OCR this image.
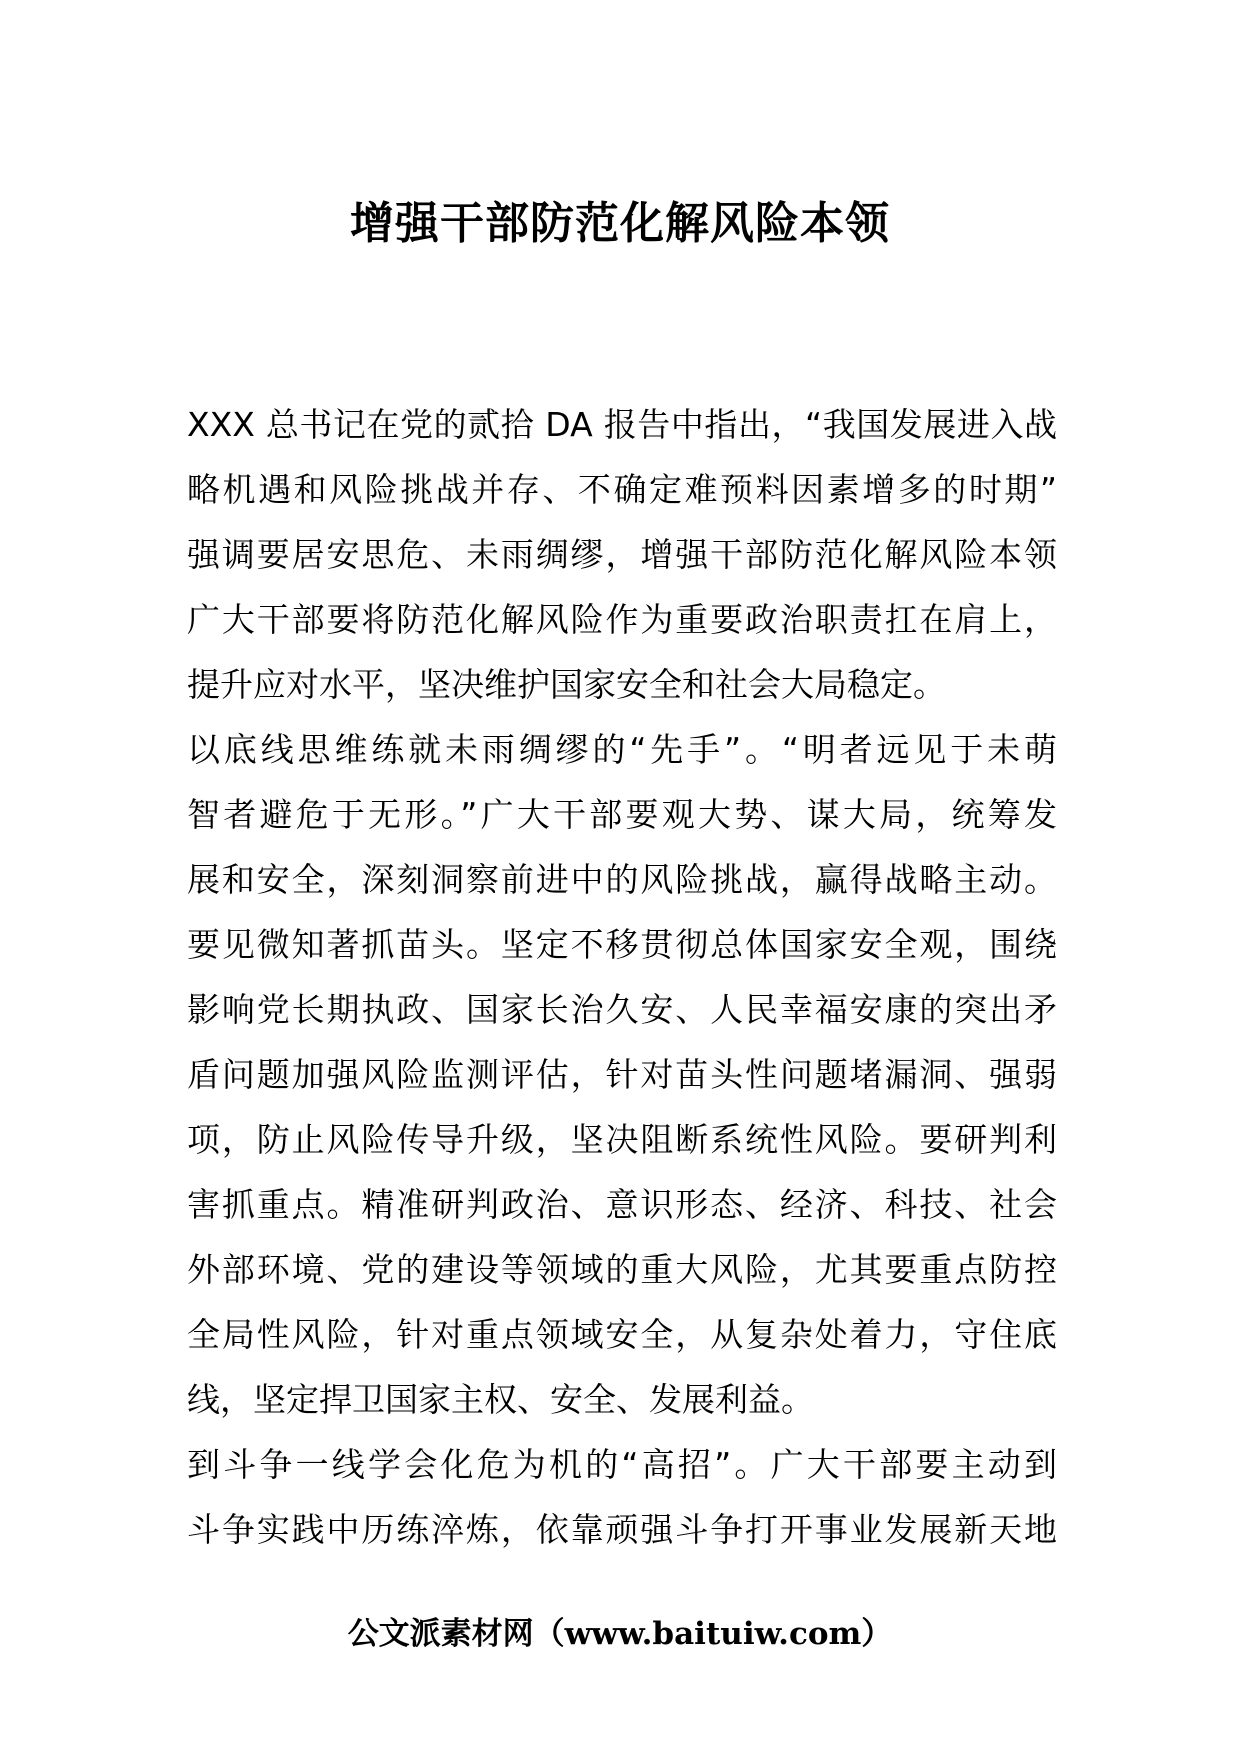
增强干部防范化解风险本领
XXX 总书记在党的贰拾 DA 报告中指出，“我国发展进入战
略机遇和风险挑战并存、不确定难预料因素增多的时期”
强调要居安思危、未雨绸缪，增强干部防范化解风险本领
广大干部要将防范化解风险作为重要政治职责扛在肩上，
提升应对水平，坚决维护国家安全和社会大局稳定。
以底线思维练就未雨绸缪的“先手”。“明者远见于未萌
智者避危于无形。”广大干部要观大势、谋大局，统筹发
展和安全，深刻洞察前进中的风险挑战，赢得战略主动。
要见微知著抓苗头。坚定不移贯彻总体国家安全观，围绕
影响党长期执政、国家长治久安、人民幸福安康的突出矛
盾问题加强风险监测评估，针对苗头性问题堵漏洞、强弱
项，防止风险传导升级，坚决阻断系统性风险。要研判利
害抓重点。精准研判政治、意识形态、经济、科技、社会
外部环境、党的建设等领域的重大风险，尤其要重点防控
全局性风险，针对重点领域安全，从复杂处着力，守住底
线，坚定捍卫国家主权、安全、发展利益。
到斗争一线学会化危为机的“高招”。广大干部要主动到
斗争实践中历练淬炼，依靠顽强斗争打开事业发展新天地
公文派素材网（www.baituiw.com）
